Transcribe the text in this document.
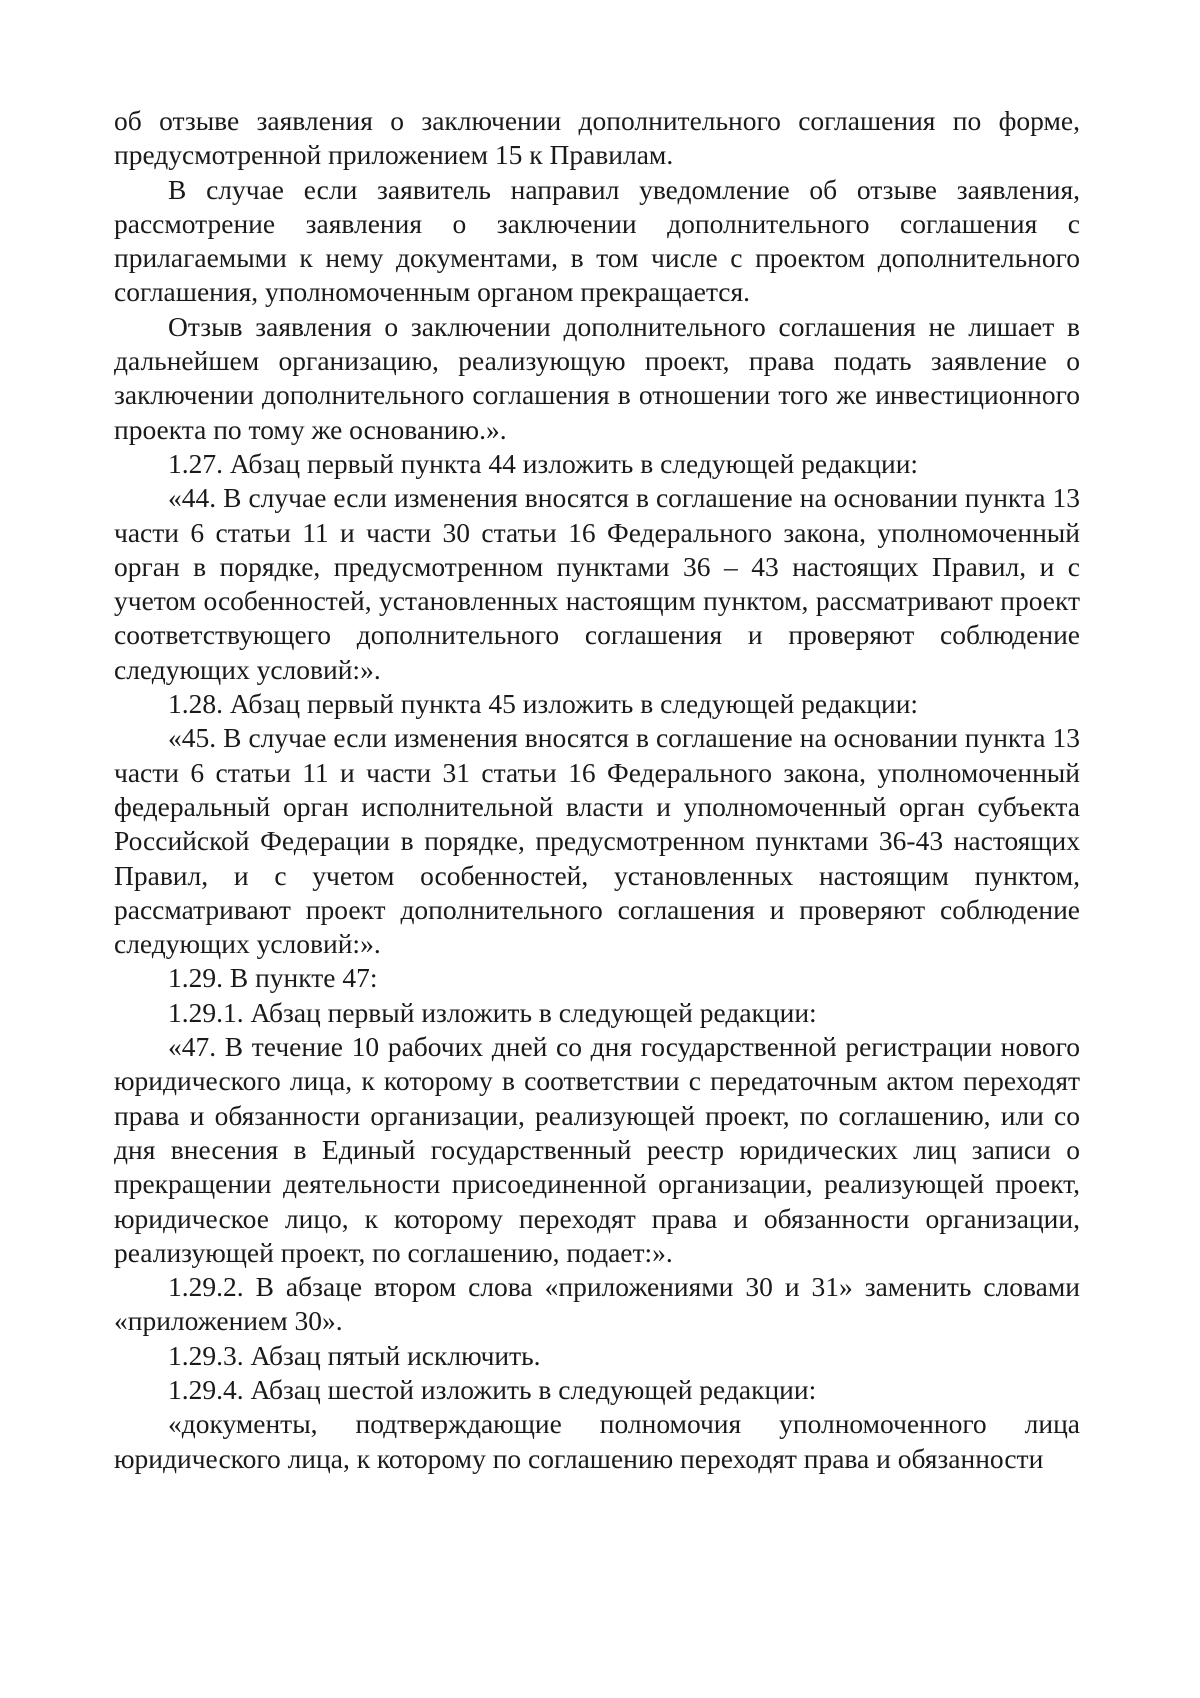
об отзыве заявления о заключении дополнительного соглашения по форме, предусмотренной приложением 15 к Правилам.

В случае если заявитель направил уведомление об отзыве заявления, рассмотрение заявления о заключении дополнительного соглашения с прилагаемыми к нему документами, в том числе с проектом дополнительного соглашения, уполномоченным органом прекращается.

Отзыв заявления о заключении дополнительного соглашения не лишает в дальнейшем организацию, реализующую проект, права подать заявление о заключении дополнительного соглашения в отношении того же инвестиционного проекта по тому же основанию.».

1.27. Абзац первый пункта 44 изложить в следующей редакции:

«44. В случае если изменения вносятся в соглашение на основании пункта 13 части 6 статьи 11 и части 30 статьи 16 Федерального закона, уполномоченный орган в порядке, предусмотренном пунктами 36 – 43 настоящих Правил, и с учетом особенностей, установленных настоящим пунктом, рассматривают проект соответствующего дополнительного соглашения и проверяют соблюдение следующих условий:».

1.28. Абзац первый пункта 45 изложить в следующей редакции:

«45. В случае если изменения вносятся в соглашение на основании пункта 13 части 6 статьи 11 и части 31 статьи 16 Федерального закона, уполномоченный федеральный орган исполнительной власти и уполномоченный орган субъекта Российской Федерации в порядке, предусмотренном пунктами 36-43 настоящих Правил, и с учетом особенностей, установленных настоящим пунктом, рассматривают проект дополнительного соглашения и проверяют соблюдение следующих условий:».

1.29. В пункте 47:

1.29.1. Абзац первый изложить в следующей редакции:

«47. В течение 10 рабочих дней со дня государственной регистрации нового юридического лица, к которому в соответствии с передаточным актом переходят права и обязанности организации, реализующей проект, по соглашению, или со дня внесения в Единый государственный реестр юридических лиц записи о прекращении деятельности присоединенной организации, реализующей проект, юридическое лицо, к которому переходят права и обязанности организации, реализующей проект, по соглашению, подает:».

1.29.2. В абзаце втором слова «приложениями 30 и 31» заменить словами «приложением 30».

1.29.3. Абзац пятый исключить.

1.29.4. Абзац шестой изложить в следующей редакции:

«документы, подтверждающие полномочия уполномоченного лица юридического лица, к которому по соглашению переходят права и обязанности
